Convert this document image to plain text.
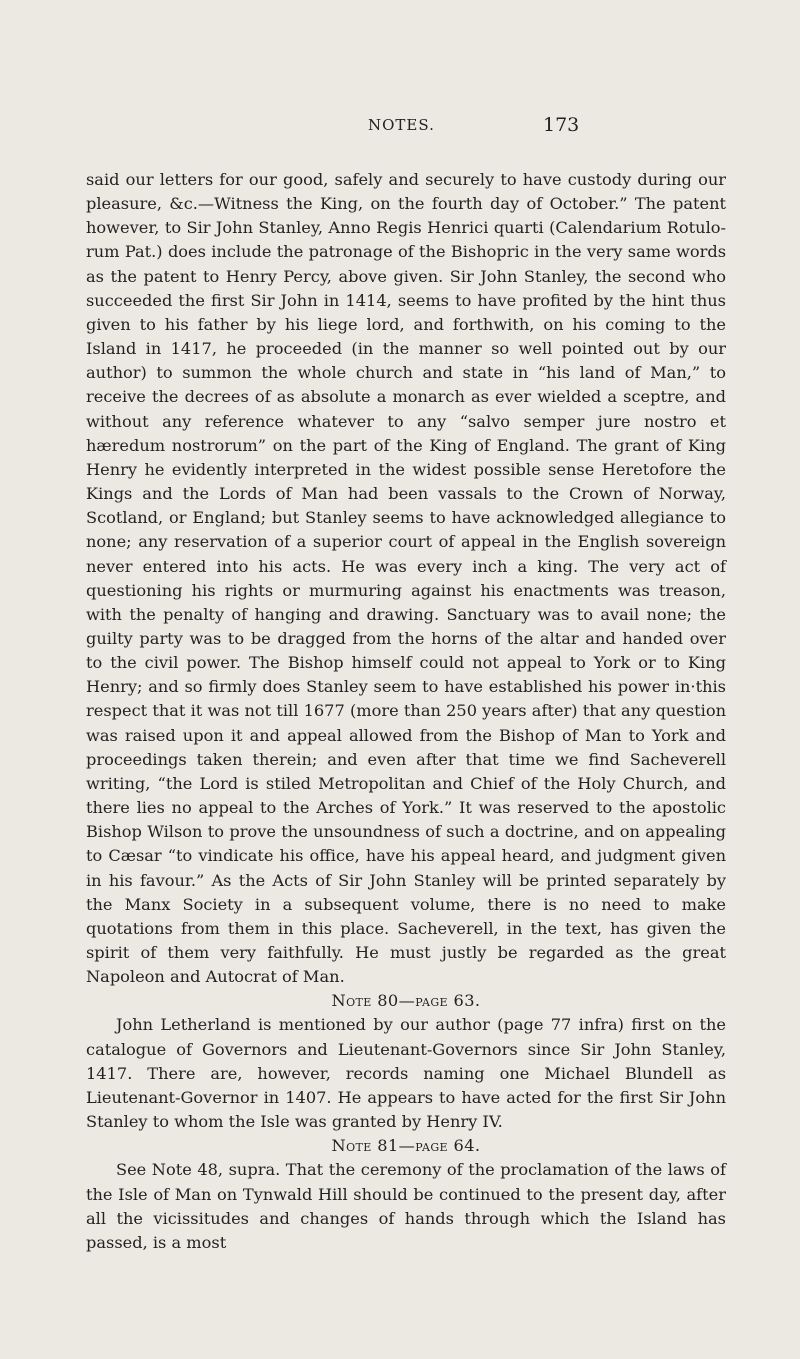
NOTES.	173

said our letters for our good, safely and securely to have custody during our pleasure, &c.—Witness the King, on the fourth day of October.” The patent however, to Sir John Stanley, Anno Regis Henrici quarti (Calendarium Rotulo-rum Pat.) does include the patronage of the Bishopric in the very same words as the patent to Henry Percy, above given. Sir John Stanley, the second who succeeded the first Sir John in 1414, seems to have profited by the hint thus given to his father by his liege lord, and forthwith, on his coming to the Island in 1417, he proceeded (in the manner so well pointed out by our author) to summon the whole church and state in “his land of Man,” to receive the decrees of as absolute a monarch as ever wielded a sceptre, and without any reference whatever to any “salvo semper jure nostro et hæredum nostrorum” on the part of the King of England. The grant of King Henry he evidently interpreted in the widest possible sense Heretofore the Kings and the Lords of Man had been vassals to the Crown of Norway, Scotland, or England; but Stanley seems to have acknowledged allegiance to none; any reservation of a superior court of appeal in the English sovereign never entered into his acts. He was every inch a king. The very act of questioning his rights or murmuring against his enactments was treason, with the penalty of hanging and drawing. Sanctuary was to avail none; the guilty party was to be dragged from the horns of the altar and handed over to the civil power. The Bishop himself could not appeal to York or to King Henry; and so firmly does Stanley seem to have established his power in·this respect that it was not till 1677 (more than 250 years after) that any question was raised upon it and appeal allowed from the Bishop of Man to York and proceedings taken therein; and even after that time we find Sacheverell writing, “the Lord is stiled Metropolitan and Chief of the Holy Church, and there lies no appeal to the Arches of York.” It was reserved to the apostolic Bishop Wilson to prove the unsoundness of such a doctrine, and on appealing to Cæsar “to vindicate his office, have his appeal heard, and judgment given in his favour.” As the Acts of Sir John Stanley will be printed separately by the Manx Society in a subsequent volume, there is no need to make quotations from them in this place. Sacheverell, in the text, has given the spirit of them very faithfully. He must justly be regarded as the great Napoleon and Autocrat of Man.

Note 80—page 63.

John Letherland is mentioned by our author (page 77 infra) first on the catalogue of Governors and Lieutenant-Governors since Sir John Stanley, 1417. There are, however, records naming one Michael Blundell as Lieutenant-Governor in 1407. He appears to have acted for the first Sir John Stanley to whom the Isle was granted by Henry IV.

Note 81—page 64.

See Note 48, supra. That the ceremony of the proclamation of the laws of the Isle of Man on Tynwald Hill should be continued to the present day, after all the vicissitudes and changes of hands through which the Island has passed, is a most
